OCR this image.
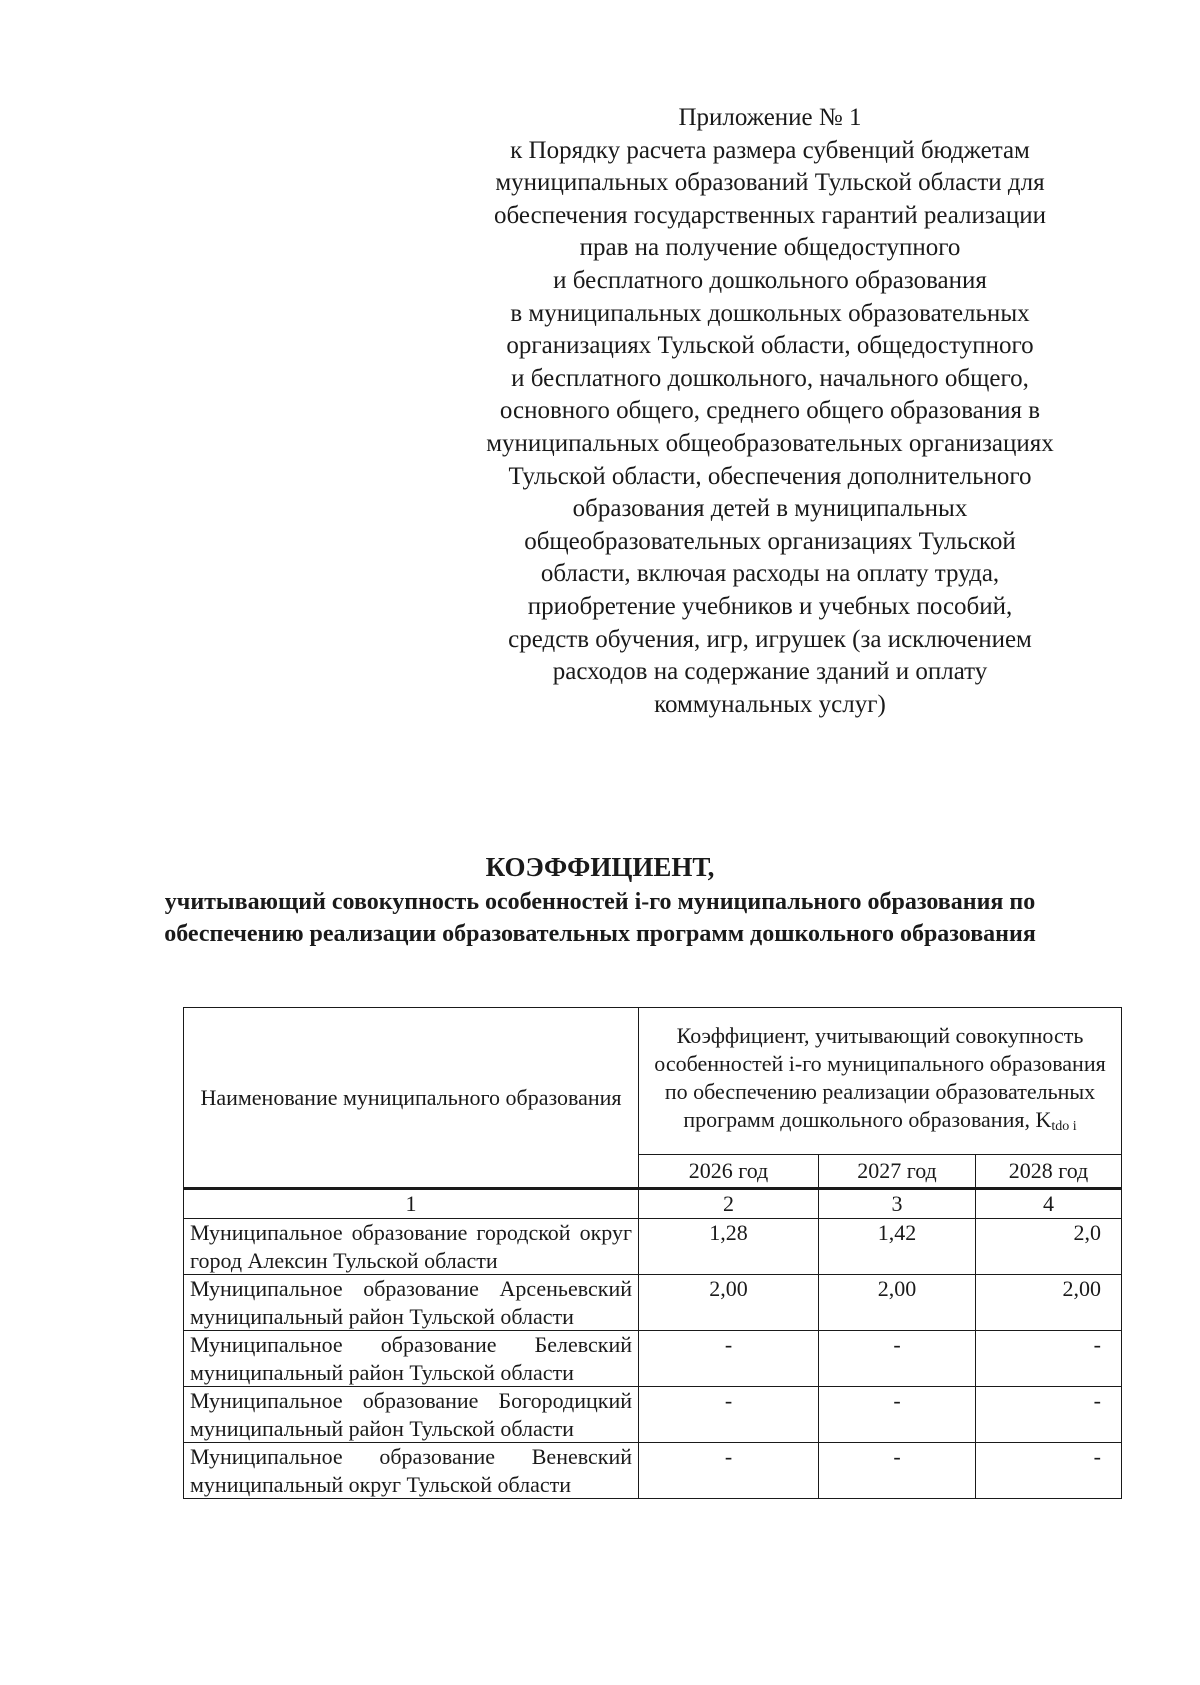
Приложение № 1
к Порядку расчета размера субвенций бюджетам
муниципальных образований Тульской области для
обеспечения государственных гарантий реализации
прав на получение общедоступного
и бесплатного дошкольного образования
в муниципальных дошкольных образовательных
организациях Тульской области, общедоступного
и бесплатного дошкольного, начального общего,
основного общего, среднего общего образования в
муниципальных общеобразовательных организациях
Тульской области, обеспечения дополнительного
образования детей в муниципальных
общеобразовательных организациях Тульской
области, включая расходы на оплату труда,
приобретение учебников и учебных пособий,
средств обучения, игр, игрушек (за исключением
расходов на содержание зданий и оплату
коммунальных услуг)
КОЭФФИЦИЕНТ,
учитывающий совокупность особенностей i-го муниципального образования по обеспечению реализации образовательных программ дошкольного образования
Наименование муниципального образования	Коэффициент, учитывающий совокупность особенностей i-го муниципального образования по обеспечению реализации образовательных программ дошкольного образования, $K_{tdo i}$
	2026 год	2027 год	2028 год
1	2	3	4
Муниципальное образование городской округ город Алексин Тульской области	1,28	1,42	2,0
Муниципальное образование Арсеньевский муниципальный район Тульской области	2,00	2,00	2,00
Муниципальное образование Белевский муниципальный район Тульской области	-	-	-
Муниципальное образование Богородицкий муниципальный район Тульской области	-	-	-
Муниципальное образование Веневский муниципальный округ Тульской области	-	-	-
